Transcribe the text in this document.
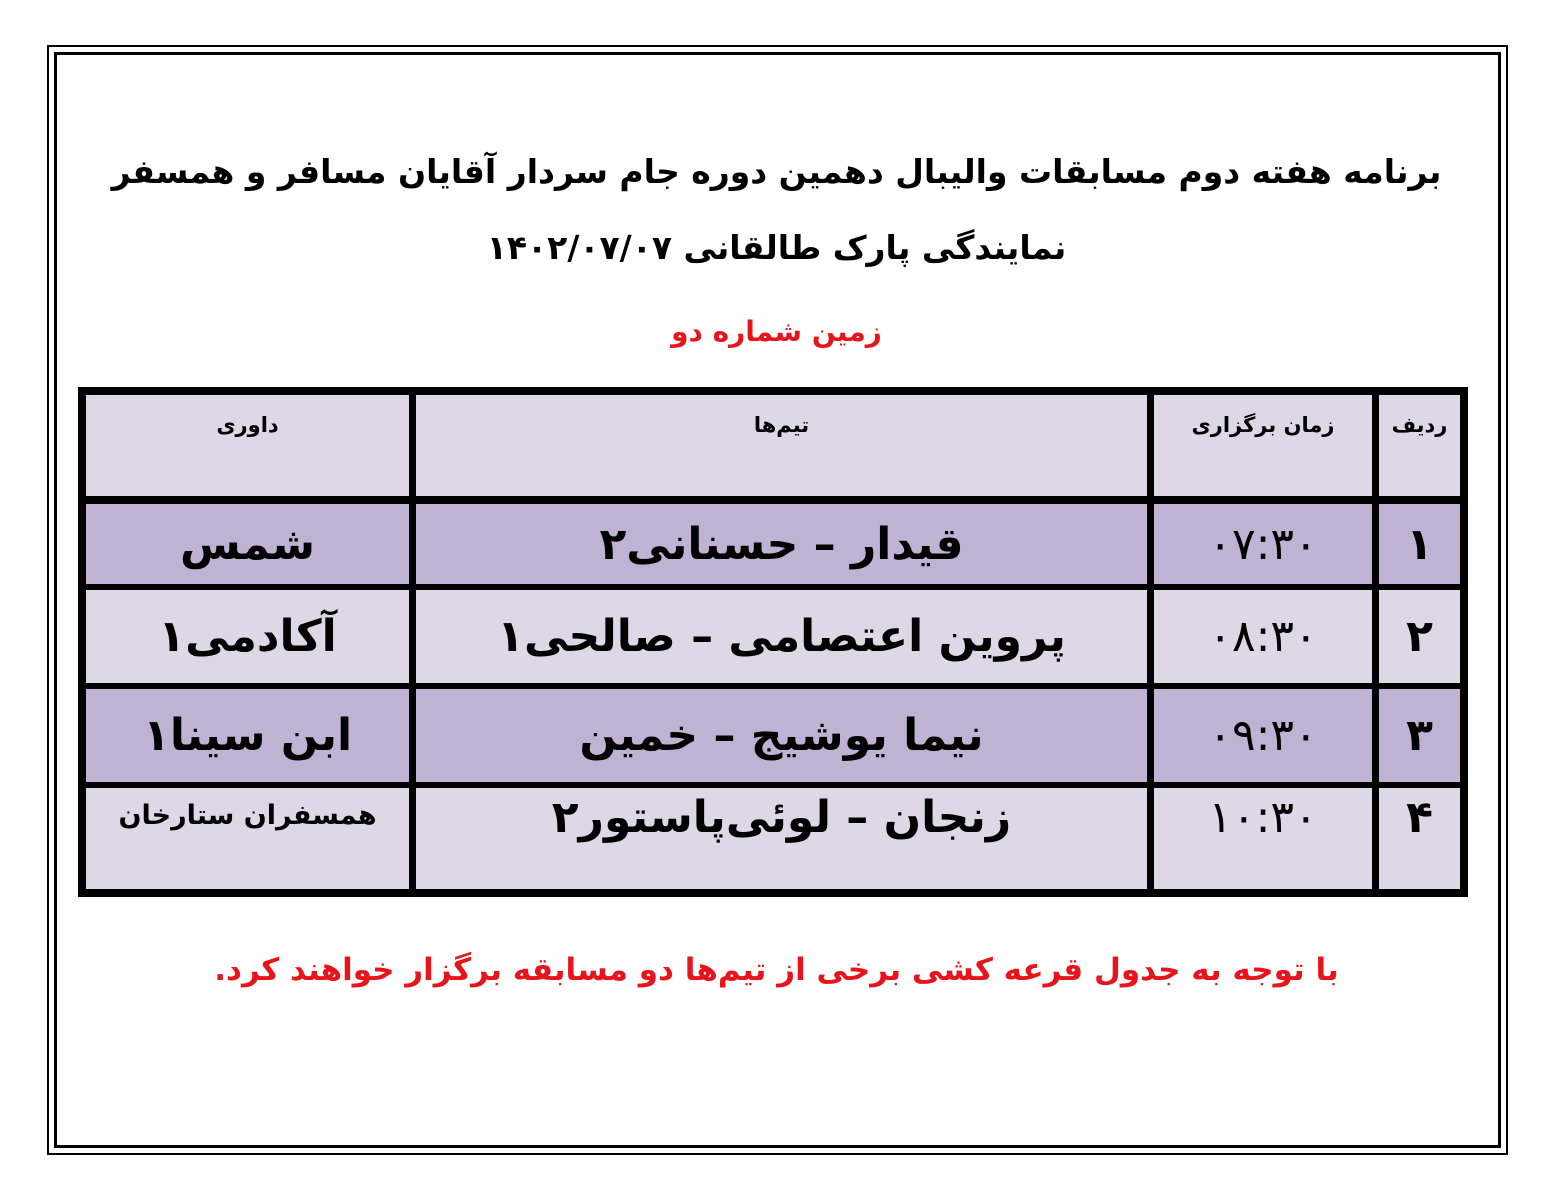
برنامه هفته دوم مسابقات والیبال دهمین دوره جام سردار آقایان مسافر و همسفر
نمایندگی پارک طالقانی ۱۴۰۲/۰۷/۰۷
زمین شماره دو
ردیف	زمان برگزاری	تیم‌ها	داوری
۱	۰۷:۳۰	قیدار – حسنانی۲	شمس
۲	۰۸:۳۰	پروین اعتصامی – صالحی۱	آکادمی۱
۳	۰۹:۳۰	نیما یوشیج – خمین	ابن سینا۱
۴	۱۰:۳۰	زنجان – لوئی‌پاستور۲	همسفران ستارخان
با توجه به جدول قرعه کشی برخی از تیم‌ها دو مسابقه برگزار خواهند کرد.
